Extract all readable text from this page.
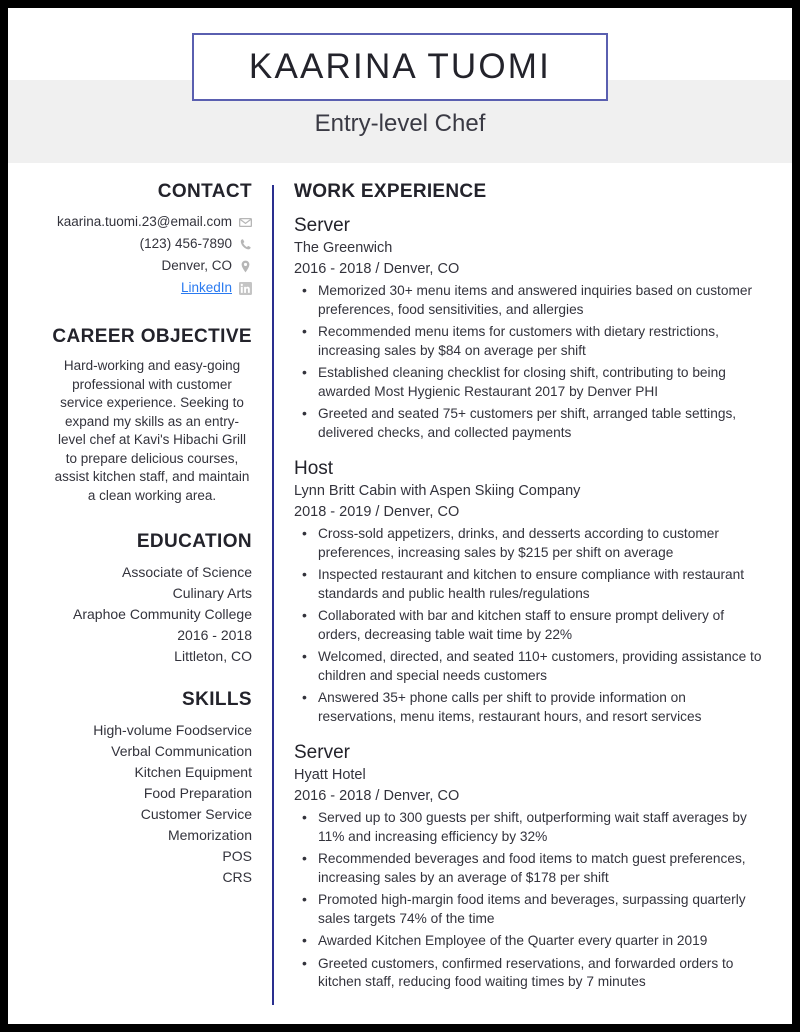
KAARINA TUOMI
Entry-level Chef
CONTACT
kaarina.tuomi.23@email.com
(123) 456-7890
Denver, CO
LinkedIn
CAREER OBJECTIVE
Hard-working and easy-going professional with customer service experience. Seeking to expand my skills as an entry-level chef at Kavi's Hibachi Grill to prepare delicious courses, assist kitchen staff, and maintain a clean working area.
EDUCATION
Associate of Science
Culinary Arts
Araphoe Community College
2016 - 2018
Littleton, CO
SKILLS
High-volume Foodservice
Verbal Communication
Kitchen Equipment
Food Preparation
Customer Service
Memorization
POS
CRS
WORK EXPERIENCE
Server
The Greenwich
2016 - 2018 / Denver, CO
• Memorized 30+ menu items and answered inquiries based on customer preferences, food sensitivities, and allergies
• Recommended menu items for customers with dietary restrictions, increasing sales by $84 on average per shift
• Established cleaning checklist for closing shift, contributing to being awarded Most Hygienic Restaurant 2017 by Denver PHI
• Greeted and seated 75+ customers per shift, arranged table settings, delivered checks, and collected payments
Host
Lynn Britt Cabin with Aspen Skiing Company
2018 - 2019 / Denver, CO
• Cross-sold appetizers, drinks, and desserts according to customer preferences, increasing sales by $215 per shift on average
• Inspected restaurant and kitchen to ensure compliance with restaurant standards and public health rules/regulations
• Collaborated with bar and kitchen staff to ensure prompt delivery of orders, decreasing table wait time by 22%
• Welcomed, directed, and seated 110+ customers, providing assistance to children and special needs customers
• Answered 35+ phone calls per shift to provide information on reservations, menu items, restaurant hours, and resort services
Server
Hyatt Hotel
2016 - 2018 / Denver, CO
• Served up to 300 guests per shift, outperforming wait staff averages by 11% and increasing efficiency by 32%
• Recommended beverages and food items to match guest preferences, increasing sales by an average of $178 per shift
• Promoted high-margin food items and beverages, surpassing quarterly sales targets 74% of the time
• Awarded Kitchen Employee of the Quarter every quarter in 2019
• Greeted customers, confirmed reservations, and forwarded orders to kitchen staff, reducing food waiting times by 7 minutes
